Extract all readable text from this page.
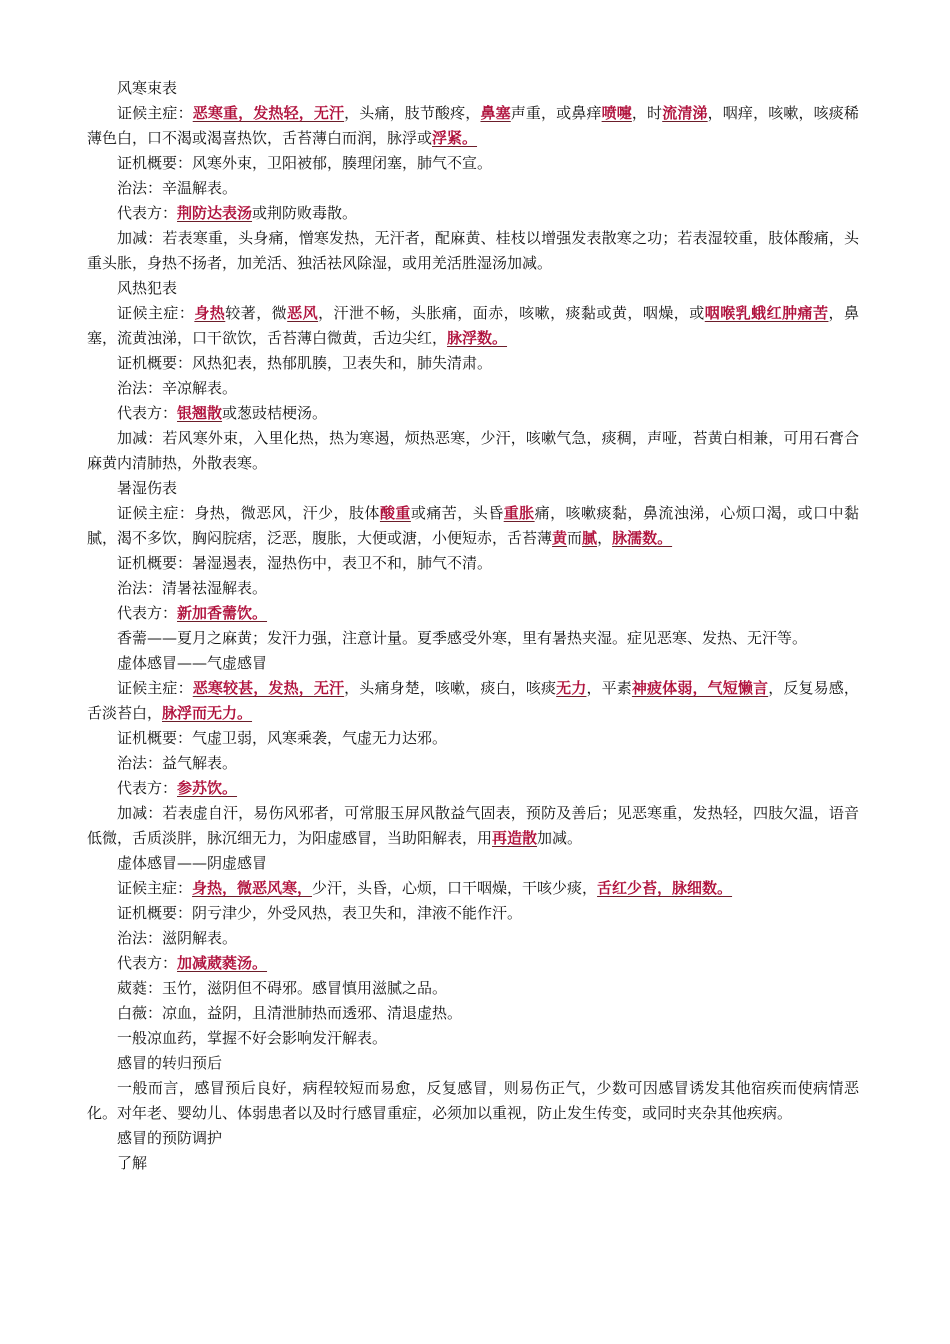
风寒束表

证候主症：恶寒重，发热轻，无汗，头痛，肢节酸疼，鼻塞声重，或鼻痒喷嚏，时流清涕，咽痒，咳嗽，咳痰稀薄色白，口不渴或渴喜热饮，舌苔薄白而润，脉浮或浮紧。

证机概要：风寒外束，卫阳被郁，腠理闭塞，肺气不宣。

治法：辛温解表。

代表方：荆防达表汤或荆防败毒散。

加减：若表寒重，头身痛，憎寒发热，无汗者，配麻黄、桂枝以增强发表散寒之功；若表湿较重，肢体酸痛，头重头胀，身热不扬者，加羌活、独活祛风除湿，或用羌活胜湿汤加减。

风热犯表

证候主症：身热较著，微恶风，汗泄不畅，头胀痛，面赤，咳嗽，痰黏或黄，咽燥，或咽喉乳蛾红肿痛苦，鼻塞，流黄浊涕，口干欲饮，舌苔薄白微黄，舌边尖红，脉浮数。

证机概要：风热犯表，热郁肌腠，卫表失和，肺失清肃。

治法：辛凉解表。

代表方：银翘散或葱豉桔梗汤。

加减：若风寒外束，入里化热，热为寒遏，烦热恶寒，少汗，咳嗽气急，痰稠，声哑，苔黄白相兼，可用石膏合麻黄内清肺热，外散表寒。

暑湿伤表

证候主症：身热，微恶风，汗少，肢体酸重或痛苦，头昏重胀痛，咳嗽痰黏，鼻流浊涕，心烦口渴，或口中黏腻，渴不多饮，胸闷脘痞，泛恶，腹胀，大便或溏，小便短赤，舌苔薄黄而腻，脉濡数。

证机概要：暑湿遏表，湿热伤中，表卫不和，肺气不清。

治法：清暑祛湿解表。

代表方：新加香薷饮。

香薷——夏月之麻黄；发汗力强，注意计量。夏季感受外寒，里有暑热夹湿。症见恶寒、发热、无汗等。

虚体感冒——气虚感冒

证候主症：恶寒较甚，发热，无汗，头痛身楚，咳嗽，痰白，咳痰无力，平素神疲体弱，气短懒言，反复易感，舌淡苔白，脉浮而无力。

证机概要：气虚卫弱，风寒乘袭，气虚无力达邪。

治法：益气解表。

代表方：参苏饮。

加减：若表虚自汗，易伤风邪者，可常服玉屏风散益气固表，预防及善后；见恶寒重，发热轻，四肢欠温，语音低微，舌质淡胖，脉沉细无力，为阳虚感冒，当助阳解表，用再造散加减。

虚体感冒——阴虚感冒

证候主症：身热，微恶风寒，少汗，头昏，心烦，口干咽燥，干咳少痰，舌红少苔，脉细数。

证机概要：阴亏津少，外受风热，表卫失和，津液不能作汗。

治法：滋阴解表。

代表方：加减葳蕤汤。

葳蕤：玉竹，滋阴但不碍邪。感冒慎用滋腻之品。

白薇：凉血，益阴，且清泄肺热而透邪、清退虚热。

一般凉血药，掌握不好会影响发汗解表。

感冒的转归预后

一般而言，感冒预后良好，病程较短而易愈，反复感冒，则易伤正气，少数可因感冒诱发其他宿疾而使病情恶化。对年老、婴幼儿、体弱患者以及时行感冒重症，必须加以重视，防止发生传变，或同时夹杂其他疾病。

感冒的预防调护

了解
